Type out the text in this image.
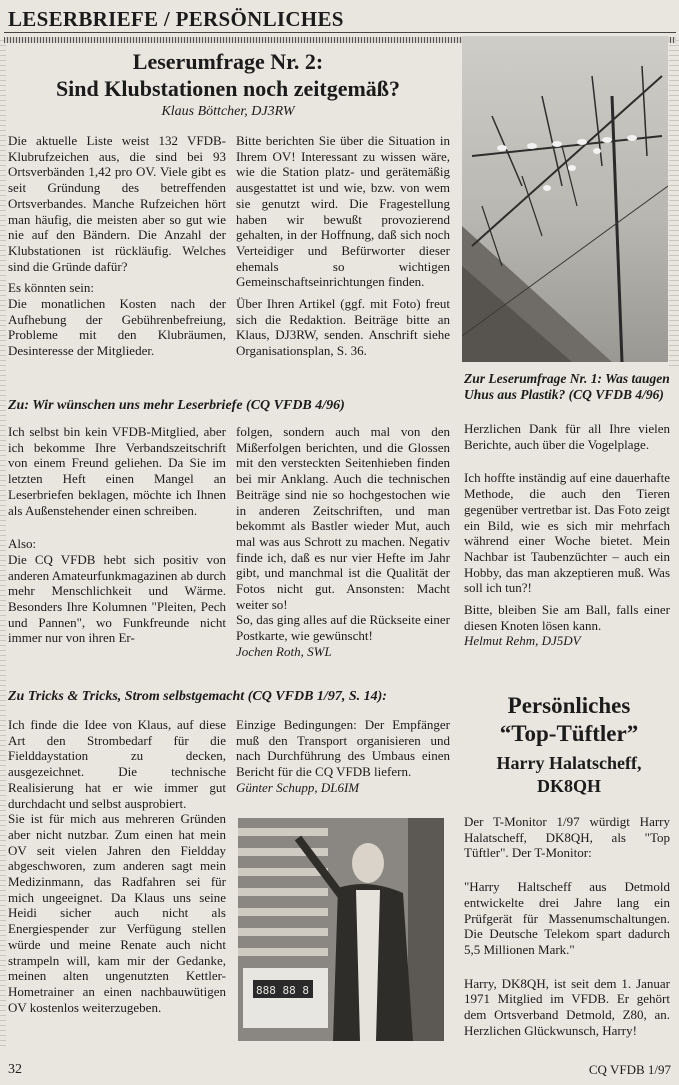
LESERBRIEFE / PERSÖNLICHES
Leserumfrage Nr. 2:
Sind Klubstationen noch zeitgemäß?
Klaus Böttcher, DJ3RW

Die aktuelle Liste weist 132 VFDB-Klubrufzeichen aus, die sind bei 93 Ortsverbänden 1,42 pro OV. Viele gibt es seit Gründung des betreffenden Ortsverbandes. Manche Rufzeichen hört man häufig, die meisten aber so gut wie nie auf den Bändern. Die Anzahl der Klubstationen ist rückläufig. Welches sind die Gründe dafür?

Es könnten sein:

Die monatlichen Kosten nach der Aufhebung der Gebührenbefreiung, Probleme mit den Klubräumen, Desinteresse der Mitglieder.

Bitte berichten Sie über die Situation in Ihrem OV! Interessant zu wissen wäre, wie die Station platz- und gerätemäßig ausgestattet ist und wie, bzw. von wem sie genutzt wird. Die Fragestellung haben wir bewußt provozierend gehalten, in der Hoffnung, daß sich noch Verteidiger und Befürworter dieser ehemals so wichtigen Gemeinschaftseinrichtungen finden.

Über Ihren Artikel (ggf. mit Foto) freut sich die Redaktion. Beiträge bitte an Klaus, DJ3RW, senden. Anschrift siehe Organisationsplan, S. 36.

Zur Leserumfrage Nr. 1: Was taugen Uhus aus Plastik? (CQ VFDB 4/96)

Herzlichen Dank für all Ihre vielen Berichte, auch über die Vogelplage.

Ich hoffte inständig auf eine dauerhafte Methode, die auch den Tieren gegenüber vertretbar ist. Das Foto zeigt ein Bild, wie es sich mir mehrfach während einer Woche bietet. Mein Nachbar ist Taubenzüchter – auch ein Hobby, das man akzeptieren muß. Was soll ich tun?!

Bitte, bleiben Sie am Ball, falls einer diesen Knoten lösen kann.

Helmut Rehm, DJ5DV

Zu: Wir wünschen uns mehr Leserbriefe (CQ VFDB 4/96)

Ich selbst bin kein VFDB-Mitglied, aber ich bekomme Ihre Verbandszeitschrift von einem Freund geliehen. Da Sie im letzten Heft einen Mangel an Leserbriefen beklagen, möchte ich Ihnen als Außenstehender einen schreiben.

Also:

Die CQ VFDB hebt sich positiv von anderen Amateurfunkmagazinen ab durch mehr Menschlichkeit und Wärme. Besonders Ihre Kolumnen "Pleiten, Pech und Pannen", wo Funkfreunde nicht immer nur von ihren Er-

folgen, sondern auch mal von den Mißerfolgen berichten, und die Glossen mit den versteckten Seitenhieben finden bei mir Anklang. Auch die technischen Beiträge sind nie so hochgestochen wie in anderen Zeitschriften, und man bekommt als Bastler wieder Mut, auch mal was aus Schrott zu machen. Negativ finde ich, daß es nur vier Hefte im Jahr gibt, und manchmal ist die Qualität der Fotos nicht gut. Ansonsten: Macht weiter so!

So, das ging alles auf die Rückseite einer Postkarte, wie gewünscht!

Jochen Roth, SWL

Zu Tricks & Tricks, Strom selbstgemacht (CQ VFDB 1/97, S. 14):

Ich finde die Idee von Klaus, auf diese Art den Strombedarf für die Fielddaystation zu decken, ausgezeichnet. Die technische Realisierung hat er wie immer gut durchdacht und selbst ausprobiert.

Sie ist für mich aus mehreren Gründen aber nicht nutzbar. Zum einen hat mein OV seit vielen Jahren den Fieldday abgeschworen, zum anderen sagt mein Medizinmann, das Radfahren sei für mich ungeeignet. Da Klaus uns seine Heidi sicher auch nicht als Energiespender zur Verfügung stellen würde und meine Renate auch nicht strampeln will, kam mir der Gedanke, meinen alten ungenutzten Kettler-Hometrainer an einen nachbauwütigen OV kostenlos weiterzugeben.

Einzige Bedingungen: Der Empfänger muß den Transport organisieren und nach Durchführung des Umbaus einen Bericht für die CQ VFDB liefern.

Günter Schupp, DL6IM

888 88 8
Persönliches
“Top-Tüftler”
Harry Halatscheff,
DK8QH

Der T-Monitor 1/97 würdigt Harry Halatscheff, DK8QH, als "Top Tüftler". Der T-Monitor:

"Harry Haltscheff aus Detmold entwickelte drei Jahre lang ein Prüfgerät für Massenumschaltungen. Die Deutsche Telekom spart dadurch 5,5 Millionen Mark."

Harry, DK8QH, ist seit dem 1. Januar 1971 Mitglied im VFDB. Er gehört dem Ortsverband Detmold, Z80, an. Herzlichen Glückwunsch, Harry!

32	CQ VFDB 1/97
